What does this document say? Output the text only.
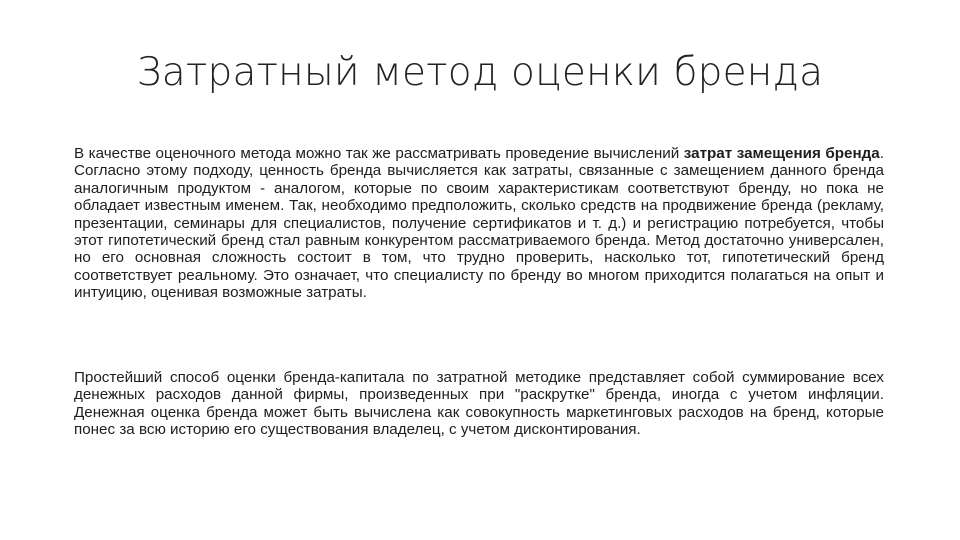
Затратный метод оценки бренда
В качестве оценочного метода можно так же рассматривать проведение вычислений затрат замещения бренда. Согласно этому подходу, ценность бренда вычисляется как затраты, связанные с замещением данного бренда аналогичным продуктом - аналогом, которые по своим характеристикам соответствуют бренду, но пока не обладает известным именем. Так, необходимо предположить, сколько средств на продвижение бренда (рекламу, презентации, семинары для специалистов, получение сертификатов и т. д.) и регистрацию потребуется, чтобы этот гипотетический бренд стал равным конкурентом рассматриваемого бренда. Метод достаточно универсален, но его основная сложность состоит в том, что трудно проверить, насколько тот, гипотетический бренд соответствует реальному. Это означает, что специалисту по бренду во многом приходится полагаться на опыт и интуицию, оценивая возможные затраты.
Простейший способ оценки бренда-капитала по затратной методике представляет собой суммирование всех денежных расходов данной фирмы, произведенных при "раскрутке" бренда, иногда с учетом инфляции. Денежная оценка бренда может быть вычислена как совокупность маркетинговых расходов на бренд, которые понес за всю историю его существования владелец, с учетом дисконтирования.
